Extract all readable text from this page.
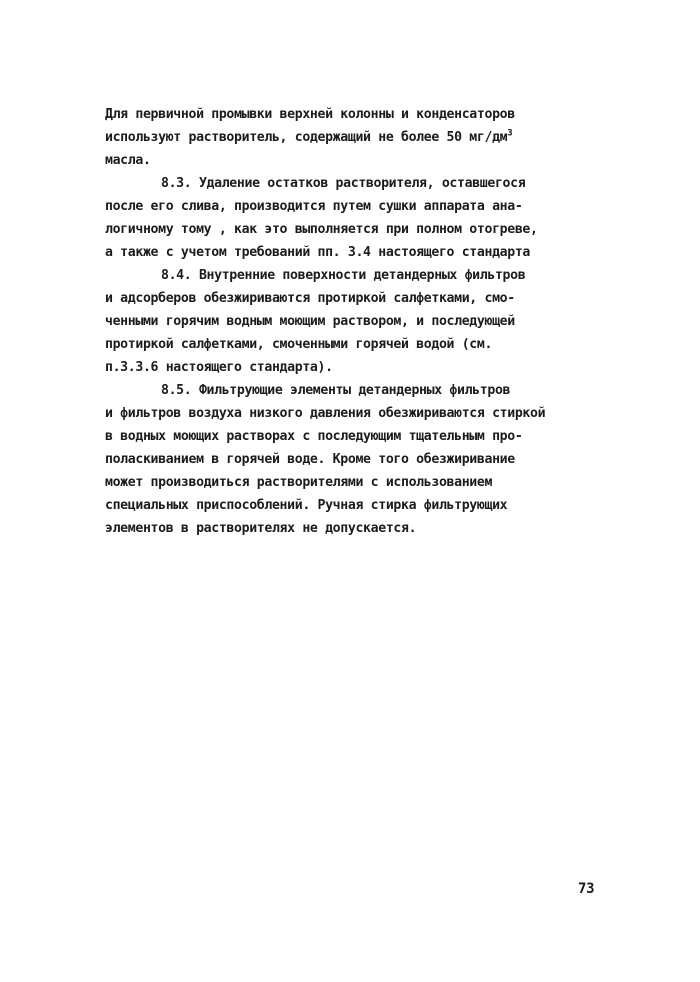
Для первичной промывки верхней колонны и конденсаторов
используют растворитель, содержащий не более 50 $мг/дм^3$
масла.
8.3. Удаление остатков растворителя, оставшегося
после его слива, производится путем сушки аппарата ана-
логичному тому , как это выполняется при полном отогреве,
а также с учетом требований пп. 3.4 настоящего стандарта
8.4. Внутренние поверхности детандерных фильтров
и адсорберов обезжириваются протиркой салфетками, смо-
ченными горячим водным моющим раствором, и последующей
протиркой салфетками, смоченными горячей водой (см.
п.3.3.6 настоящего стандарта).
8.5. Фильтрующие элементы детандерных фильтров
и фильтров воздуха низкого давления обезжириваются стиркой
в водных моющих растворах с последующим тщательным про-
поласкиванием в горячей воде. Кроме того обезжиривание
может производиться растворителями с использованием
специальных приспособлений. Ручная стирка фильтрующих
элементов в растворителях не допускается.
73
